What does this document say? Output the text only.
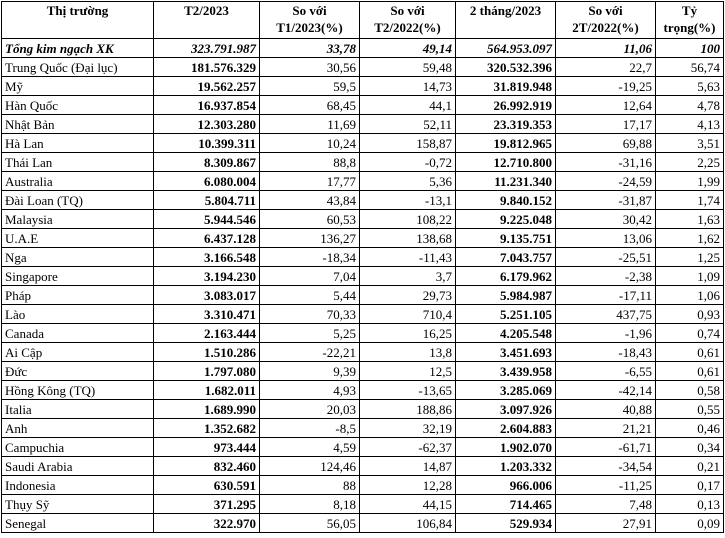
Thị trường	T2/2023	So với T1/2023(%)	So với T2/2022(%)	2 tháng/2023	So với 2T/2022(%)	Tỷ trọng(%)
Tổng kim ngạch XK	323.791.987	33,78	49,14	564.953.097	11,06	100
Trung Quốc (Đại lục)	181.576.329	30,56	59,48	320.532.396	22,7	56,74
Mỹ	19.562.257	59,5	14,73	31.819.948	-19,25	5,63
Hàn Quốc	16.937.854	68,45	44,1	26.992.919	12,64	4,78
Nhật Bản	12.303.280	11,69	52,11	23.319.353	17,17	4,13
Hà Lan	10.399.311	10,24	158,87	19.812.965	69,88	3,51
Thái Lan	8.309.867	88,8	-0,72	12.710.800	-31,16	2,25
Australia	6.080.004	17,77	5,36	11.231.340	-24,59	1,99
Đài Loan (TQ)	5.804.711	43,84	-13,1	9.840.152	-31,87	1,74
Malaysia	5.944.546	60,53	108,22	9.225.048	30,42	1,63
U.A.E	6.437.128	136,27	138,68	9.135.751	13,06	1,62
Nga	3.166.548	-18,34	-11,43	7.043.757	-25,51	1,25
Singapore	3.194.230	7,04	3,7	6.179.962	-2,38	1,09
Pháp	3.083.017	5,44	29,73	5.984.987	-17,11	1,06
Lào	3.310.471	70,33	710,4	5.251.105	437,75	0,93
Canada	2.163.444	5,25	16,25	4.205.548	-1,96	0,74
Ai Cập	1.510.286	-22,21	13,8	3.451.693	-18,43	0,61
Đức	1.797.080	9,39	12,5	3.439.958	-6,55	0,61
Hồng Kông (TQ)	1.682.011	4,93	-13,65	3.285.069	-42,14	0,58
Italia	1.689.990	20,03	188,86	3.097.926	40,88	0,55
Anh	1.352.682	-8,5	32,19	2.604.883	21,21	0,46
Campuchia	973.444	4,59	-62,37	1.902.070	-61,71	0,34
Saudi Arabia	832.460	124,46	14,87	1.203.332	-34,54	0,21
Indonesia	630.591	88	12,28	966.006	-11,25	0,17
Thụy Sỹ	371.295	8,18	44,15	714.465	7,48	0,13
Senegal	322.970	56,05	106,84	529.934	27,91	0,09
